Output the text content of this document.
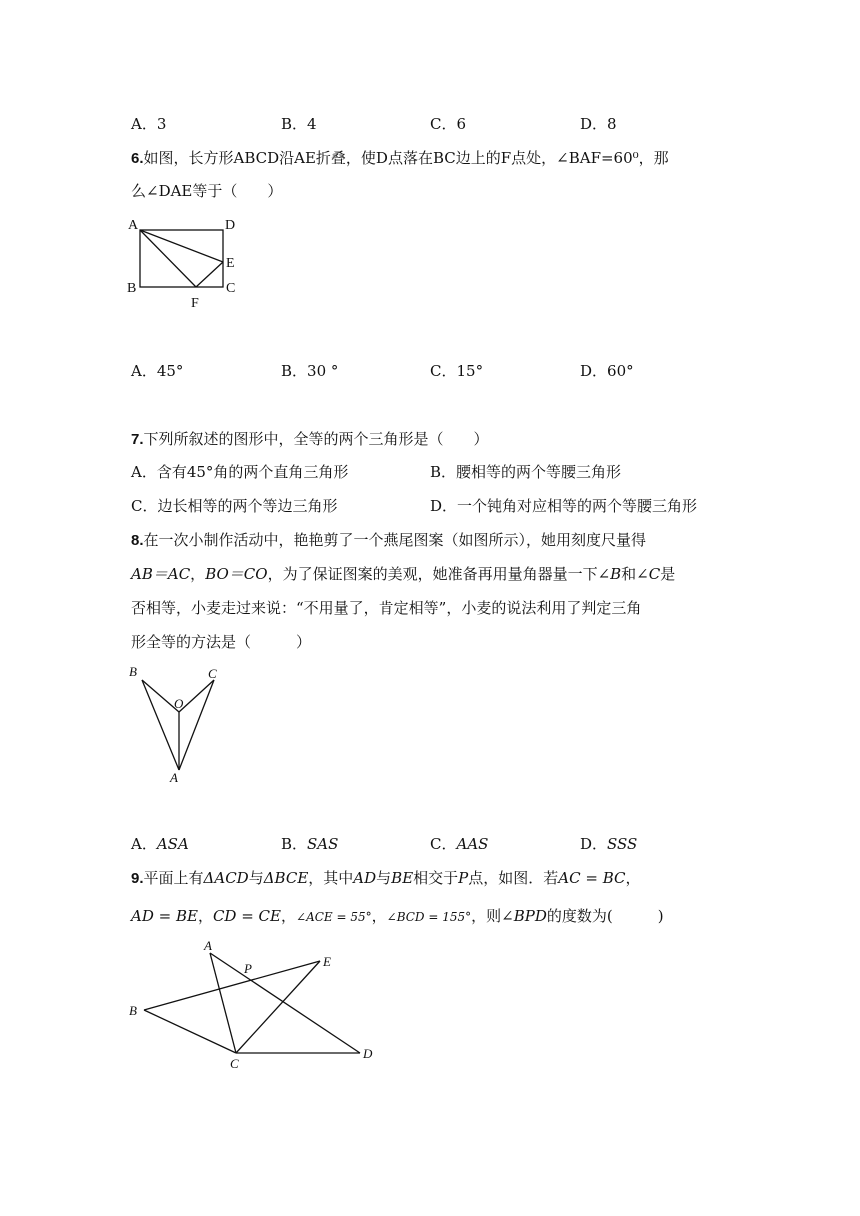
A．3	B．4	C．6	D．8
6.如图，长方形ABCD沿AE折叠，使D点落在BC边上的F点处，∠BAF=60⁰，那
么∠DAE等于（　　）
A	D
E
B	C
F
A．45°	B．30 °	C．15°	D．60°
7.下列所叙述的图形中，全等的两个三角形是（　　）
A．含有45°角的两个直角三角形	B．腰相等的两个等腰三角形
C．边长相等的两个等边三角形	D．一个钝角对应相等的两个等腰三角形
8.在一次小制作活动中，艳艳剪了一个燕尾图案（如图所示），她用刻度尺量得
AB＝AC，BO＝CO，为了保证图案的美观，她准备再用量角器量一下∠B和∠C是
否相等，小麦走过来说：“不用量了，肯定相等”，小麦的说法利用了判定三角
形全等的方法是（　　　）
B	C
O
A
A．ASA	B．SAS	C．AAS	D．SSS
9.平面上有ΔACD与ΔBCE，其中AD与BE相交于P点，如图．若AC = BC，
AD = BE，CD = CE，∠ACE = 55°，∠BCD = 155°，则∠BPD的度数为(　　　)
A
P	E
B
C
D
